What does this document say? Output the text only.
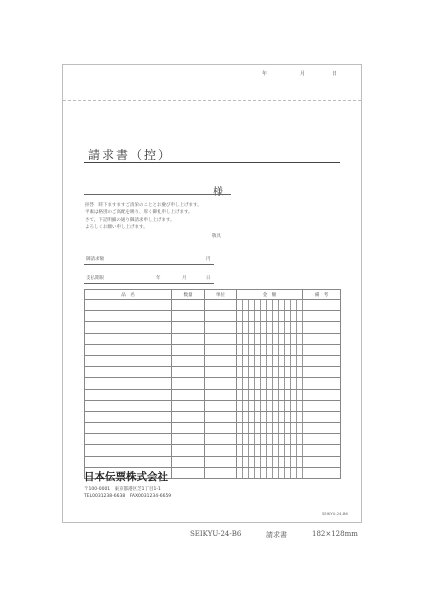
年	月	日
請求書（控）
様
拝啓　時下ますますご清栄のこととお慶び申し上げます。
平素は格別のご高配を賜り、厚く御礼申し上げます。
さて、下記明細の通り御請求申し上げます。
よろしくお願い申し上げます。
敬具
御請求額	円
支払期限	年	月	日
品　名	数量	単位	金　額											備　考

日本伝票株式会社
〒100-0001　東京都港区芝1丁目1-1
TEL0031238-6638　FAX0031234-6659
SEIKYU-24-B6
SEIKYU-24-B6	請求書	182×128mm
